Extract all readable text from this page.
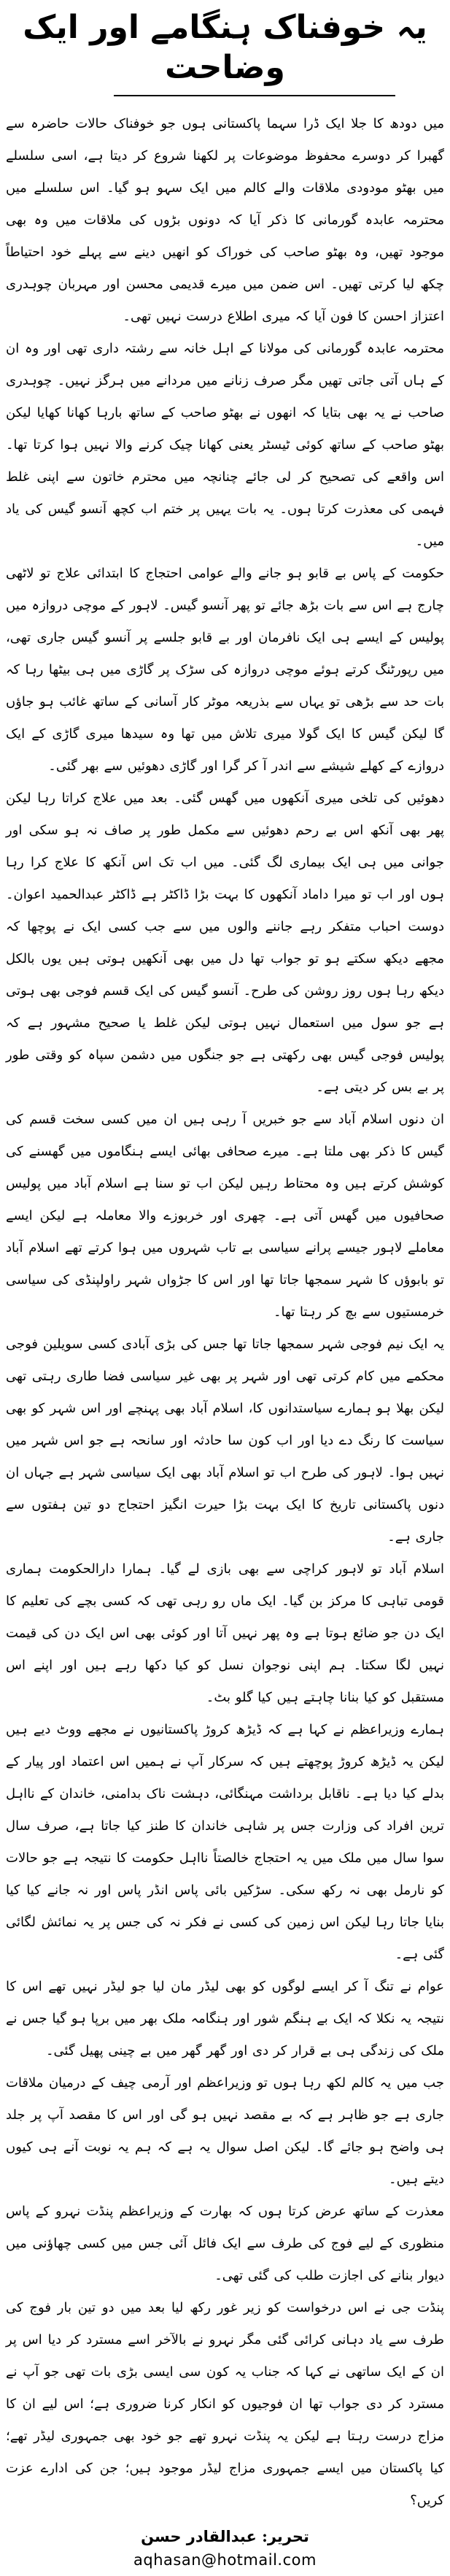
یہ خوفناک ہنگامے اور ایک وضاحت

میں دودھ کا جلا ایک ڈرا سہما پاکستانی ہوں جو خوفناک حالات حاضرہ سے گھبرا کر دوسرے محفوظ موضوعات پر لکھنا شروع کر دیتا ہے، اسی سلسلے میں بھٹو مودودی ملاقات والے کالم میں ایک سہو ہو گیا۔ اس سلسلے میں محترمہ عابدہ گورمانی کا ذکر آیا کہ دونوں بڑوں کی ملاقات میں وہ بھی موجود تھیں، وہ بھٹو صاحب کی خوراک کو انھیں دینے سے پہلے خود احتیاطاً چکھ لیا کرتی تھیں۔ اس ضمن میں میرے قدیمی محسن اور مہربان چوہدری اعتزاز احسن کا فون آیا کہ میری اطلاع درست نہیں تھی۔

محترمہ عابدہ گورمانی کی مولانا کے اہل خانہ سے رشتہ داری تھی اور وہ ان کے ہاں آتی جاتی تھیں مگر صرف زنانے میں مردانے میں ہرگز نہیں۔ چوہدری صاحب نے یہ بھی بتایا کہ انھوں نے بھٹو صاحب کے ساتھ بارہا کھانا کھایا لیکن بھٹو صاحب کے ساتھ کوئی ٹیسٹر یعنی کھانا چیک کرنے والا نہیں ہوا کرتا تھا۔ اس واقعے کی تصحیح کر لی جائے چنانچہ میں محترم خاتون سے اپنی غلط فہمی کی معذرت کرتا ہوں۔ یہ بات یہیں پر ختم اب کچھ آنسو گیس کی یاد میں۔

حکومت کے پاس بے قابو ہو جانے والے عوامی احتجاج کا ابتدائی علاج تو لاٹھی چارج ہے اس سے بات بڑھ جائے تو پھر آنسو گیس۔ لاہور کے موچی دروازہ میں پولیس کے ایسے ہی ایک نافرمان اور بے قابو جلسے پر آنسو گیس جاری تھی، میں رپورٹنگ کرتے ہوئے موچی دروازہ کی سڑک پر گاڑی میں ہی بیٹھا رہا کہ بات حد سے بڑھی تو یہاں سے بذریعہ موٹر کار آسانی کے ساتھ غائب ہو جاؤں گا لیکن گیس کا ایک گولا میری تلاش میں تھا وہ سیدھا میری گاڑی کے ایک دروازے کے کھلے شیشے سے اندر آ کر گرا اور گاڑی دھوئیں سے بھر گئی۔

دھوئیں کی تلخی میری آنکھوں میں گھس گئی۔ بعد میں علاج کراتا رہا لیکن پھر بھی آنکھ اس بے رحم دھوئیں سے مکمل طور پر صاف نہ ہو سکی اور جوانی میں ہی ایک بیماری لگ گئی۔ میں اب تک اس آنکھ کا علاج کرا رہا ہوں اور اب تو میرا داماد آنکھوں کا بہت بڑا ڈاکٹر ہے ڈاکٹر عبدالحمید اعوان۔ دوست احباب متفکر رہے جاننے والوں میں سے جب کسی ایک نے پوچھا کہ مجھے دیکھ سکتے ہو تو جواب تھا دل میں بھی آنکھیں ہوتی ہیں یوں بالکل دیکھ رہا ہوں روز روشن کی طرح۔ آنسو گیس کی ایک قسم فوجی بھی ہوتی ہے جو سول میں استعمال نہیں ہوتی لیکن غلط یا صحیح مشہور ہے کہ پولیس فوجی گیس بھی رکھتی ہے جو جنگوں میں دشمن سپاہ کو وقتی طور پر بے بس کر دیتی ہے۔

ان دنوں اسلام آباد سے جو خبریں آ رہی ہیں ان میں کسی سخت قسم کی گیس کا ذکر بھی ملتا ہے۔ میرے صحافی بھائی ایسے ہنگاموں میں گھسنے کی کوشش کرتے ہیں وہ محتاط رہیں لیکن اب تو سنا ہے اسلام آباد میں پولیس صحافیوں میں گھس آتی ہے۔ چھری اور خربوزے والا معاملہ ہے لیکن ایسے معاملے لاہور جیسے پرانے سیاسی بے تاب شہروں میں ہوا کرتے تھے اسلام آباد تو بابوؤں کا شہر سمجھا جاتا تھا اور اس کا جڑواں شہر راولپنڈی کی سیاسی خرمستیوں سے بچ کر رہتا تھا۔

یہ ایک نیم فوجی شہر سمجھا جاتا تھا جس کی بڑی آبادی کسی سویلین فوجی محکمے میں کام کرتی تھی اور شہر پر بھی غیر سیاسی فضا طاری رہتی تھی لیکن بھلا ہو ہمارے سیاستدانوں کا، اسلام آباد بھی پہنچے اور اس شہر کو بھی سیاست کا رنگ دے دیا اور اب کون سا حادثہ اور سانحہ ہے جو اس شہر میں نہیں ہوا۔ لاہور کی طرح اب تو اسلام آباد بھی ایک سیاسی شہر ہے جہاں ان دنوں پاکستانی تاریخ کا ایک بہت بڑا حیرت انگیز احتجاج دو تین ہفتوں سے جاری ہے۔

اسلام آباد تو لاہور کراچی سے بھی بازی لے گیا۔ ہمارا دارالحکومت ہماری قومی تباہی کا مرکز بن گیا۔ ایک ماں رو رہی تھی کہ کسی بچے کی تعلیم کا ایک دن جو ضائع ہوتا ہے وہ پھر نہیں آتا اور کوئی بھی اس ایک دن کی قیمت نہیں لگا سکتا۔ ہم اپنی نوجوان نسل کو کیا دکھا رہے ہیں اور اپنے اس مستقبل کو کیا بنانا چاہتے ہیں کیا گلو بٹ۔

ہمارے وزیراعظم نے کہا ہے کہ ڈیڑھ کروڑ پاکستانیوں نے مجھے ووٹ دیے ہیں لیکن یہ ڈیڑھ کروڑ پوچھتے ہیں کہ سرکار آپ نے ہمیں اس اعتماد اور پیار کے بدلے کیا دیا ہے۔ ناقابل برداشت مہنگائی، دہشت ناک بدامنی، خاندان کے نااہل ترین افراد کی وزارت جس پر شاہی خاندان کا طنز کیا جاتا ہے، صرف سال سوا سال میں ملک میں یہ احتجاج خالصتاً نااہل حکومت کا نتیجہ ہے جو حالات کو نارمل بھی نہ رکھ سکی۔ سڑکیں بائی پاس انڈر پاس اور نہ جانے کیا کیا بنایا جاتا رہا لیکن اس زمین کی کسی نے فکر نہ کی جس پر یہ نمائش لگائی گئی ہے۔

عوام نے تنگ آ کر ایسے لوگوں کو بھی لیڈر مان لیا جو لیڈر نہیں تھے اس کا نتیجہ یہ نکلا کہ ایک بے ہنگم شور اور ہنگامہ ملک بھر میں برپا ہو گیا جس نے ملک کی زندگی ہی بے قرار کر دی اور گھر گھر میں بے چینی پھیل گئی۔

جب میں یہ کالم لکھ رہا ہوں تو وزیراعظم اور آرمی چیف کے درمیان ملاقات جاری ہے جو ظاہر ہے کہ بے مقصد نہیں ہو گی اور اس کا مقصد آپ پر جلد ہی واضح ہو جائے گا۔ لیکن اصل سوال یہ ہے کہ ہم یہ نوبت آنے ہی کیوں دیتے ہیں۔

معذرت کے ساتھ عرض کرتا ہوں کہ بھارت کے وزیراعظم پنڈت نہرو کے پاس منظوری کے لیے فوج کی طرف سے ایک فائل آئی جس میں کسی چھاؤنی میں دیوار بنانے کی اجازت طلب کی گئی تھی۔

پنڈت جی نے اس درخواست کو زیر غور رکھ لیا بعد میں دو تین بار فوج کی طرف سے یاد دہانی کرائی گئی مگر نہرو نے بالآخر اسے مسترد کر دیا اس پر ان کے ایک ساتھی نے کہا کہ جناب یہ کون سی ایسی بڑی بات تھی جو آپ نے مسترد کر دی جواب تھا ان فوجیوں کو انکار کرنا ضروری ہے؛ اس لیے ان کا مزاج درست رہتا ہے لیکن یہ پنڈت نہرو تھے جو خود بھی جمہوری لیڈر تھے؛ کیا پاکستان میں ایسے جمہوری مزاج لیڈر موجود ہیں؛ جن کی ادارے عزت کریں؟

تحریر: عبدالقادر حسن
aqhasan@hotmail.com
